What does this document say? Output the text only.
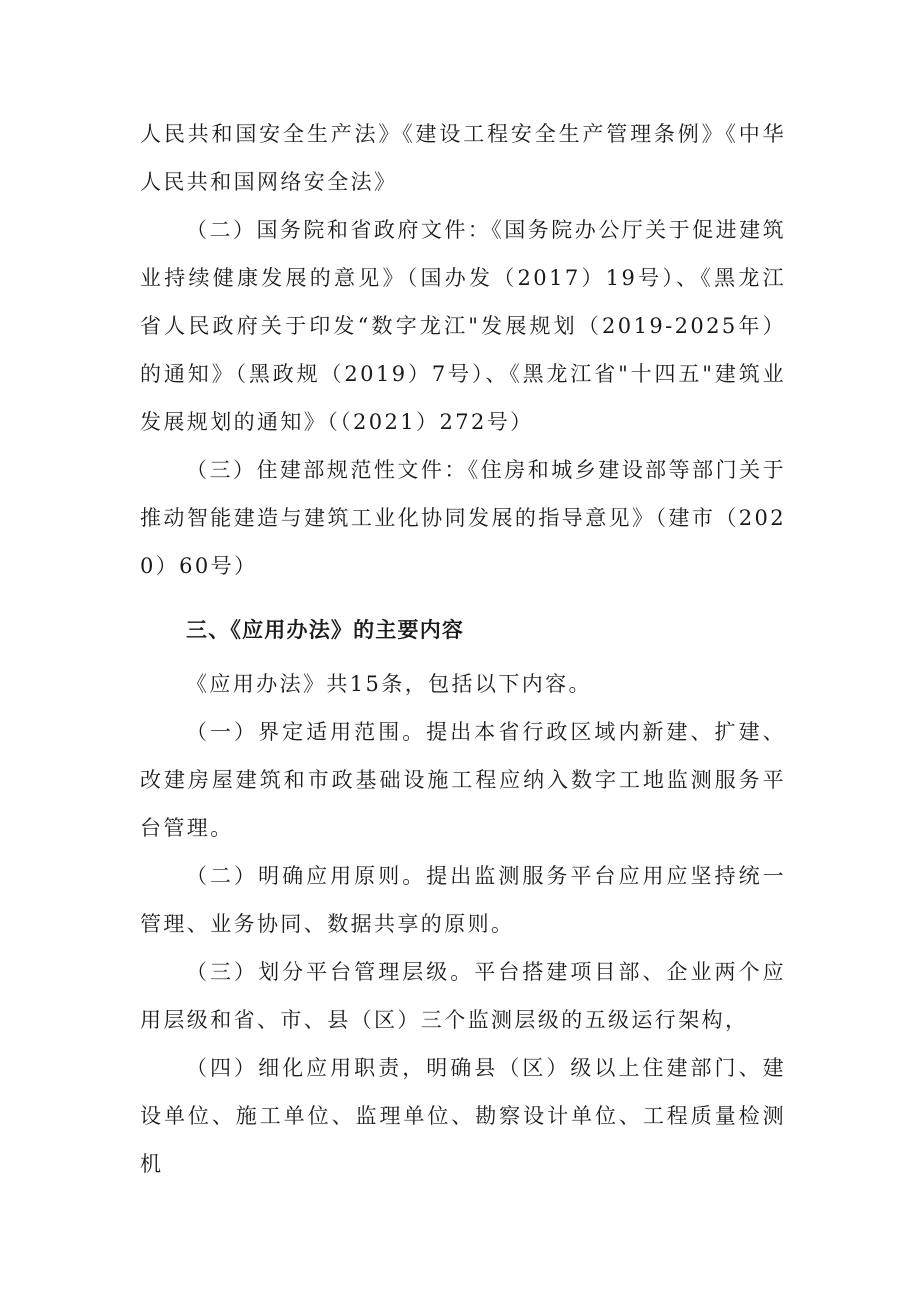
人民共和国安全生产法》《建设工程安全生产管理条例》《中华人民共和国网络安全法》

（二）国务院和省政府文件：《国务院办公厅关于促进建筑业持续健康发展的意见》（国办发（2017）19号）、《黑龙江省人民政府关于印发“数字龙江"发展规划（2019-2025年）的通知》（黑政规（2019）7号）、《黑龙江省"十四五"建筑业发展规划的通知》（（2021）272号）

（三）住建部规范性文件：《住房和城乡建设部等部门关于推动智能建造与建筑工业化协同发展的指导意见》（建市（2020）60号）

三、《应用办法》的主要内容

《应用办法》共15条，包括以下内容。

（一）界定适用范围。提出本省行政区域内新建、扩建、改建房屋建筑和市政基础设施工程应纳入数字工地监测服务平台管理。

（二）明确应用原则。提出监测服务平台应用应坚持统一管理、业务协同、数据共享的原则。

（三）划分平台管理层级。平台搭建项目部、企业两个应用层级和省、市、县（区）三个监测层级的五级运行架构，

（四）细化应用职责，明确县（区）级以上住建部门、建设单位、施工单位、监理单位、勘察设计单位、工程质量检测机
